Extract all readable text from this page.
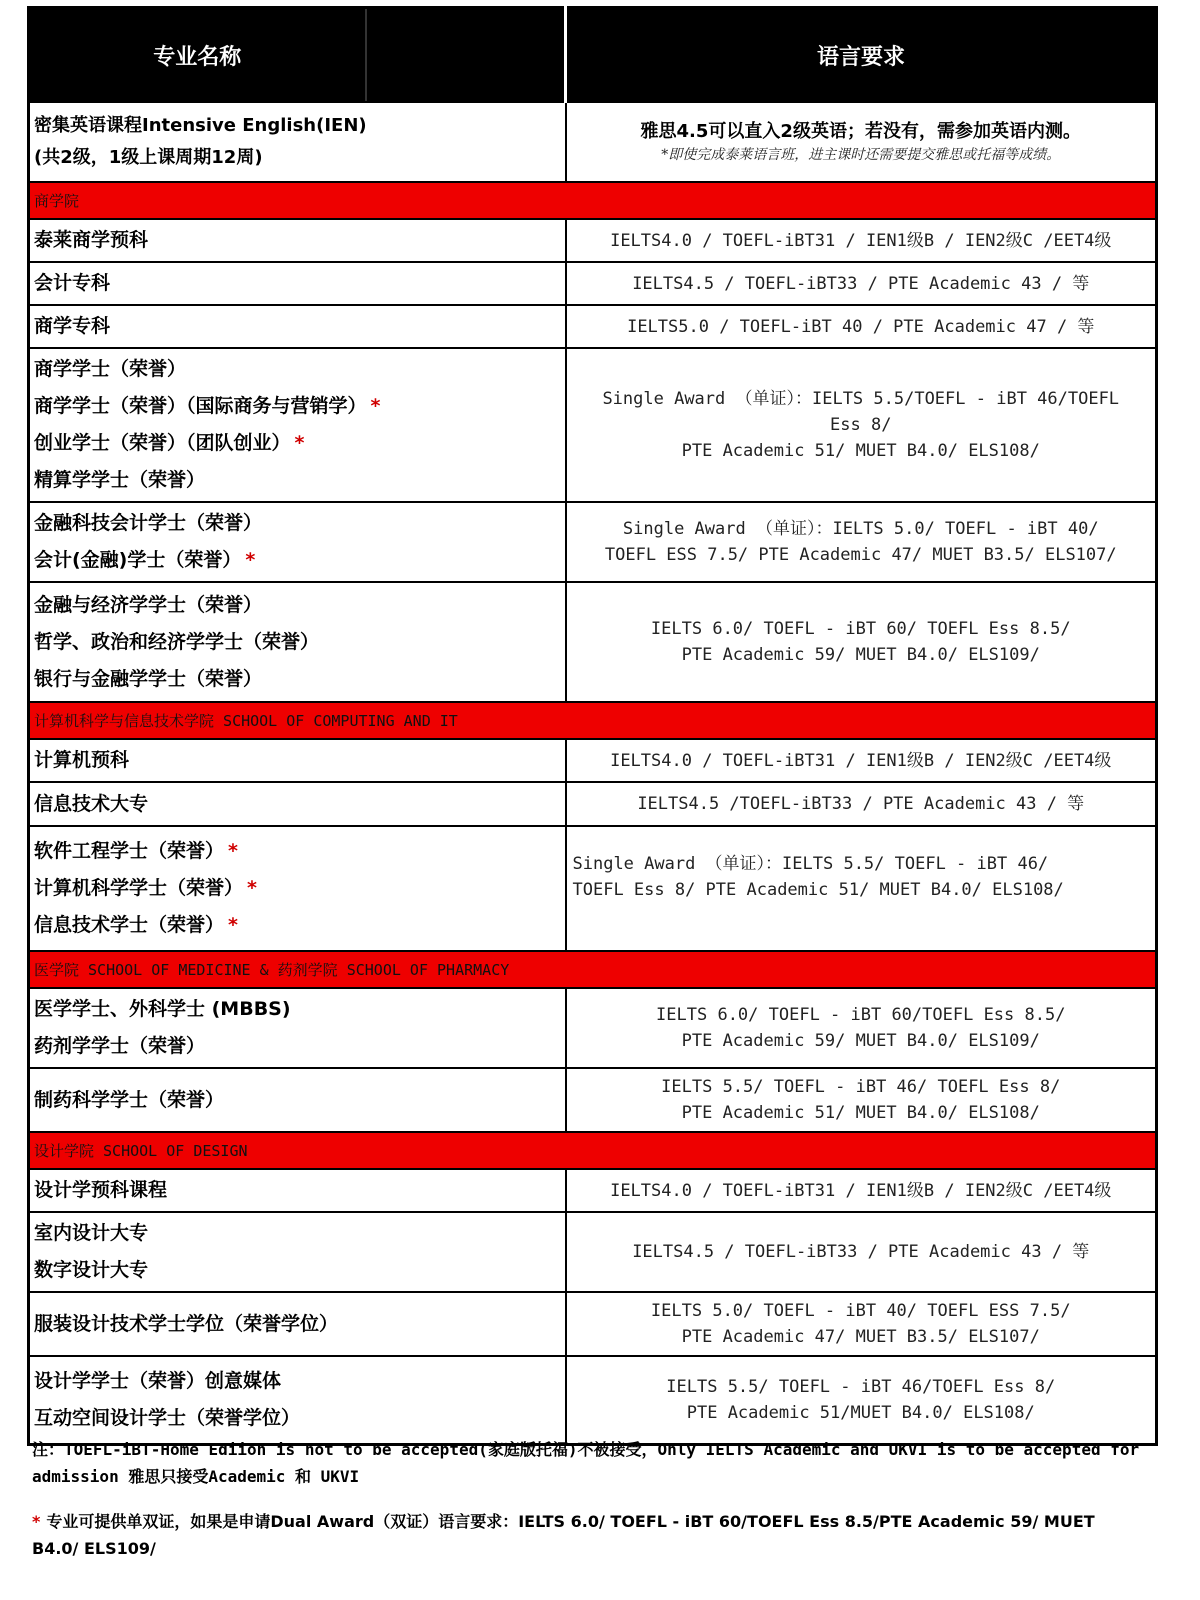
专业名称		语言要求

密集英语课程Intensive English(IEN)
(共2级，1级上课周期12周)		雅思4.5可以直入2级英语；若没有，需参加英语内测。
*即使完成泰莱语言班，进主课时还需要提交雅思或托福等成绩。

商学院		

泰莱商学预科		IELTS4.0 / TOEFL-iBT31 / IEN1级B / IEN2级C /EET4级

会计专科		IELTS4.5 / TOEFL-iBT33 / PTE Academic 43 / 等

商学专科		IELTS5.0 / TOEFL-iBT 40 / PTE Academic 47 / 等

商学学士（荣誉）
商学学士（荣誉）（国际商务与营销学） *
创业学士（荣誉）（团队创业） *
精算学学士（荣誉）		Single Award （单证）：IELTS 5.5/TOEFL - iBT 46/TOEFL
Ess 8/
PTE Academic 51/ MUET B4.0/ ELS108/

金融科技会计学士（荣誉）
会计(金融)学士（荣誉） *		Single Award （单证）：IELTS 5.0/ TOEFL - iBT 40/
TOEFL ESS 7.5/ PTE Academic 47/ MUET B3.5/ ELS107/

金融与经济学学士（荣誉）
哲学、政治和经济学学士（荣誉）
银行与金融学学士（荣誉）		IELTS 6.0/ TOEFL - iBT 60/ TOEFL Ess 8.5/
PTE Academic 59/ MUET B4.0/ ELS109/

计算机科学与信息技术学院 SCHOOL OF COMPUTING AND IT		

计算机预科		IELTS4.0 / TOEFL-iBT31 / IEN1级B / IEN2级C /EET4级

信息技术大专		IELTS4.5 /TOEFL-iBT33 / PTE Academic 43 / 等

软件工程学士（荣誉） *
计算机科学学士（荣誉） *
信息技术学士（荣誉） *		Single Award （单证）：IELTS 5.5/ TOEFL - iBT 46/
TOEFL Ess 8/ PTE Academic 51/ MUET B4.0/ ELS108/

医学院 SCHOOL OF MEDICINE & 药剂学院 SCHOOL OF PHARMACY		

医学学士、外科学士 (MBBS)
药剂学学士（荣誉）		IELTS 6.0/ TOEFL - iBT 60/TOEFL Ess 8.5/
PTE Academic 59/ MUET B4.0/ ELS109/

制药科学学士（荣誉）		IELTS 5.5/ TOEFL - iBT 46/ TOEFL Ess 8/
PTE Academic 51/ MUET B4.0/ ELS108/

设计学院 SCHOOL OF DESIGN		

设计学预科课程		IELTS4.0 / TOEFL-iBT31 / IEN1级B / IEN2级C /EET4级

室内设计大专
数字设计大专		IELTS4.5 / TOEFL-iBT33 / PTE Academic 43 / 等

服装设计技术学士学位（荣誉学位）		IELTS 5.0/ TOEFL - iBT 40/ TOEFL ESS 7.5/
PTE Academic 47/ MUET B3.5/ ELS107/

设计学学士（荣誉）创意媒体
互动空间设计学士（荣誉学位）		IELTS 5.5/ TOEFL - iBT 46/TOEFL Ess 8/
PTE Academic 51/MUET B4.0/ ELS108/

注：TOEFL-iBT-Home Ediion is not to be accepted(家庭版托福)不被接受，Only IELTS Academic and UKVI is to be accepted for admission 雅思只接受Academic 和 UKVI

* 专业可提供单双证，如果是申请Dual Award（双证）语言要求：IELTS 6.0/ TOEFL - iBT 60/TOEFL Ess 8.5/PTE Academic 59/ MUET B4.0/ ELS109/
